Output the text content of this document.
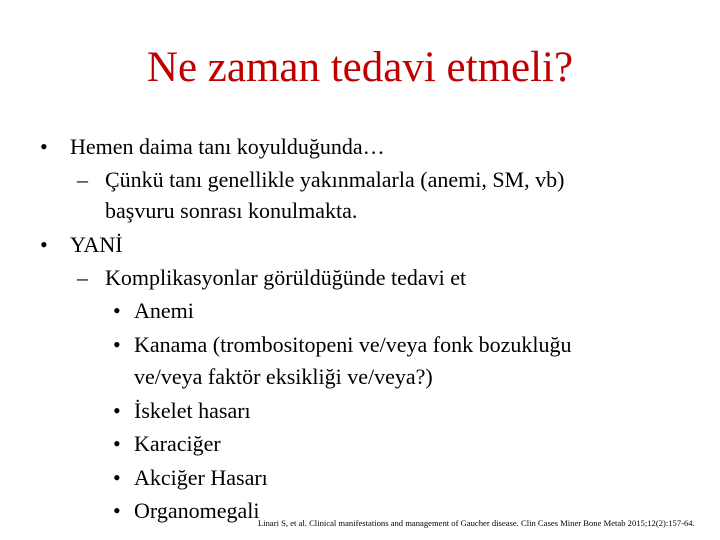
Ne zaman tedavi etmeli?
• Hemen daima tanı koyulduğunda…
– Çünkü tanı genellikle yakınmalarla (anemi, SM, vb)
başvuru sonrası konulmakta.
• YANİ
– Komplikasyonlar görüldüğünde tedavi et
• Anemi
• Kanama (trombositopeni ve/veya fonk bozukluğu
ve/veya faktör eksikliği ve/veya?)
• İskelet hasarı
• Karaciğer
• Akciğer Hasarı
• Organomegali
Linari S, et al. Clinical manifestations and management of Gaucher disease. Clin Cases Miner Bone Metab 2015;12(2):157-64.
